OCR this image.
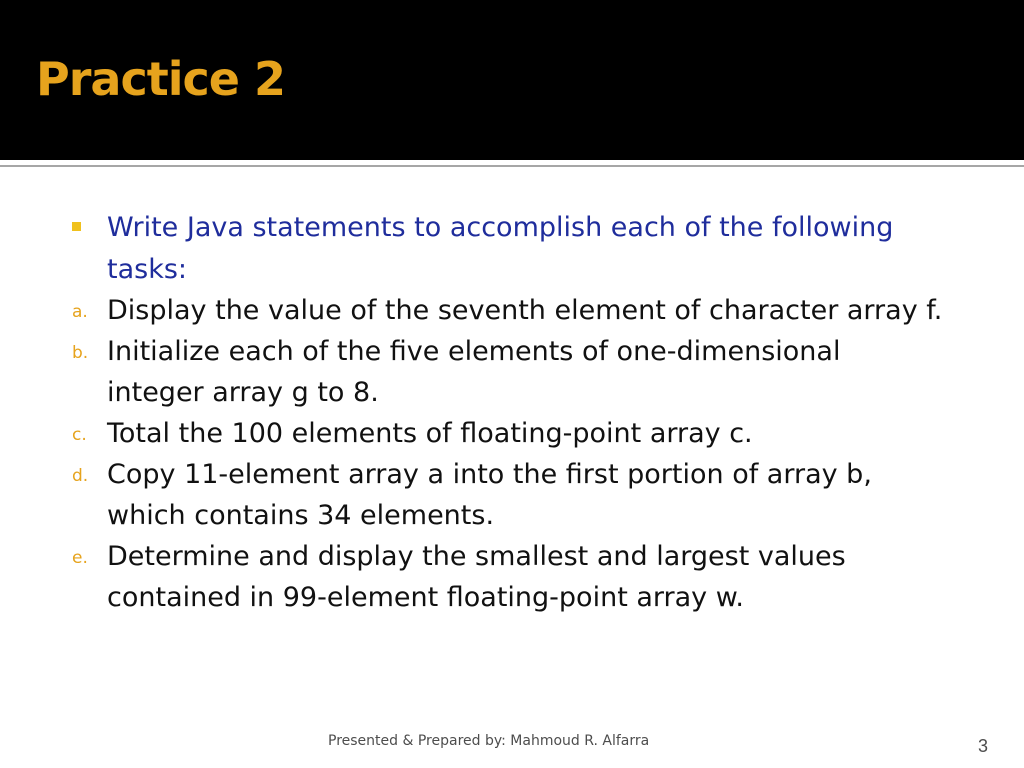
Practice 2
Write Java statements to accomplish each of the following
tasks:
a. Display the value of the seventh element of character array f.
b. Initialize each of the five elements of one-dimensional
integer array g to 8.
c. Total the 100 elements of floating-point array c.
d. Copy 11-element array a into the first portion of array b,
which contains 34 elements.
e. Determine and display the smallest and largest values
contained in 99-element floating-point array w.
Presented & Prepared by: Mahmoud R. Alfarra	3
